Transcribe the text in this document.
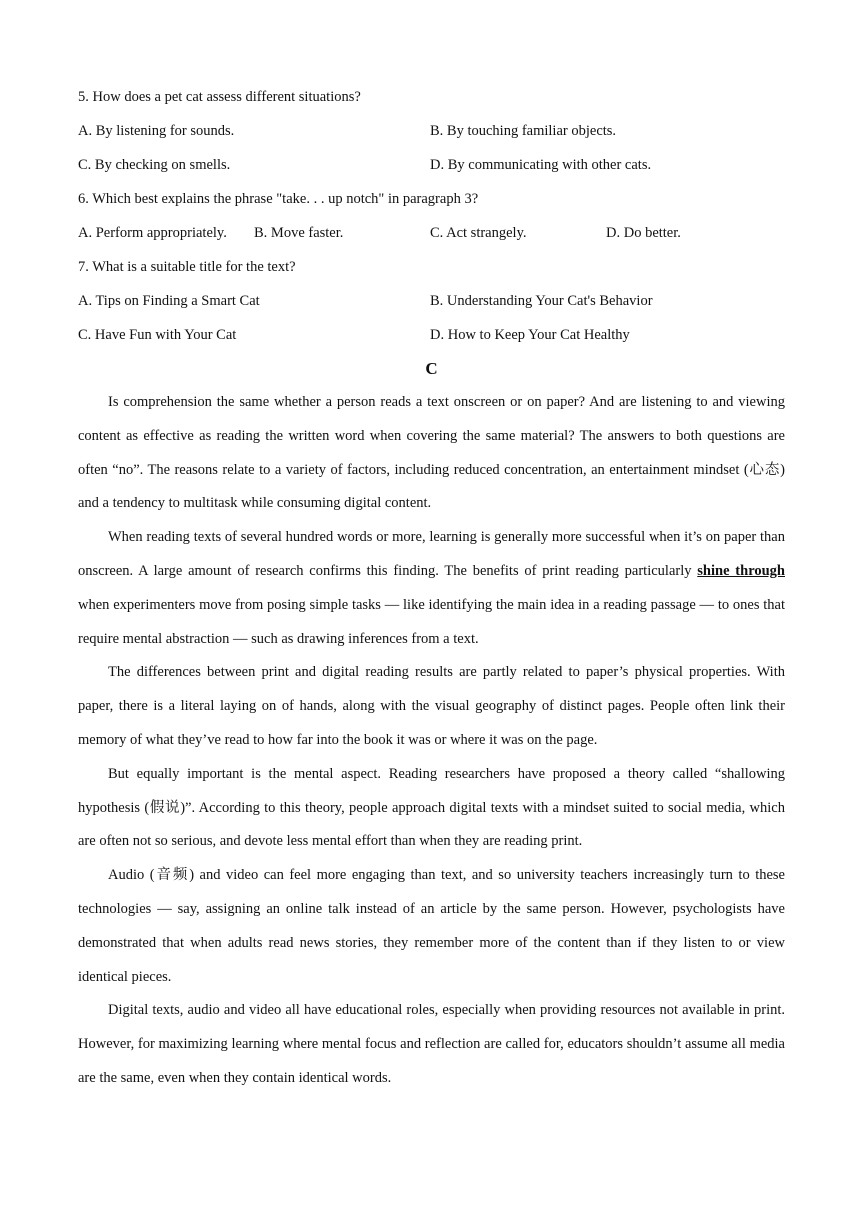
5. How does a pet cat assess different situations?
A. By listening for sounds.	B. By touching familiar objects.
C. By checking on smells.	D. By communicating with other cats.
6. Which best explains the phrase "take. . . up notch" in paragraph 3?
A. Perform appropriately. B. Move faster.	C. Act strangely.	D. Do better.
7. What is a suitable title for the text?
A. Tips on Finding a Smart Cat	B. Understanding Your Cat's Behavior
C. Have Fun with Your Cat	D. How to Keep Your Cat Healthy
C

Is comprehension the same whether a person reads a text onscreen or on paper? And are listening to and viewing content as effective as reading the written word when covering the same material? The answers to both questions are often “no”. The reasons relate to a variety of factors, including reduced concentration, an entertainment mindset (心态) and a tendency to multitask while consuming digital content.

When reading texts of several hundred words or more, learning is generally more successful when it’s on paper than onscreen. A large amount of research confirms this finding. The benefits of print reading particularly shine through when experimenters move from posing simple tasks — like identifying the main idea in a reading passage — to ones that require mental abstraction — such as drawing inferences from a text.

The differences between print and digital reading results are partly related to paper’s physical properties. With paper, there is a literal laying on of hands, along with the visual geography of distinct pages. People often link their memory of what they’ve read to how far into the book it was or where it was on the page.

But equally important is the mental aspect. Reading researchers have proposed a theory called “shallowing hypothesis (假说)”. According to this theory, people approach digital texts with a mindset suited to social media, which are often not so serious, and devote less mental effort than when they are reading print.

Audio (音频) and video can feel more engaging than text, and so university teachers increasingly turn to these technologies — say, assigning an online talk instead of an article by the same person. However, psychologists have demonstrated that when adults read news stories, they remember more of the content than if they listen to or view identical pieces.

Digital texts, audio and video all have educational roles, especially when providing resources not available in print. However, for maximizing learning where mental focus and reflection are called for, educators shouldn’t assume all media are the same, even when they contain identical words.
